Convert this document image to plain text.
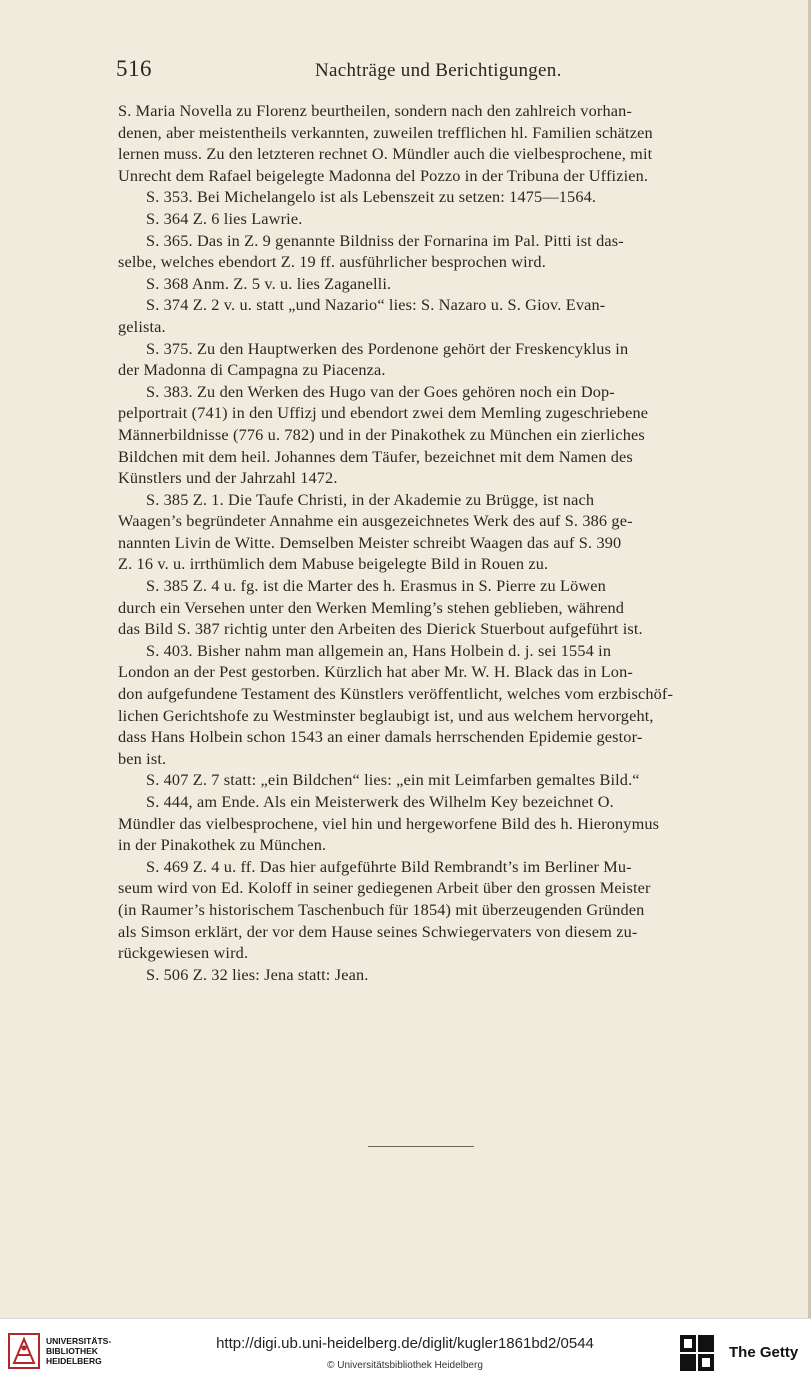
516	Nachträge und Berichtigungen.
S. Maria Novella zu Florenz beurtheilen, sondern nach den zahlreich vorhan-
denen, aber meistentheils verkannten, zuweilen trefflichen hl. Familien schätzen
lernen muss. Zu den letzteren rechnet O. Mündler auch die vielbesprochene, mit
Unrecht dem Rafael beigelegte Madonna del Pozzo in der Tribuna der Uffizien.
S. 353. Bei Michelangelo ist als Lebenszeit zu setzen: 1475—1564.
S. 364 Z. 6 lies Lawrie.
S. 365. Das in Z. 9 genannte Bildniss der Fornarina im Pal. Pitti ist das-
selbe, welches ebendort Z. 19 ff. ausführlicher besprochen wird.
S. 368 Anm. Z. 5 v. u. lies Zaganelli.
S. 374 Z. 2 v. u. statt „und Nazario“ lies: S. Nazaro u. S. Giov. Evan-
gelista.
S. 375. Zu den Hauptwerken des Pordenone gehört der Freskencyklus in
der Madonna di Campagna zu Piacenza.
S. 383. Zu den Werken des Hugo van der Goes gehören noch ein Dop-
pelportrait (741) in den Uffizj und ebendort zwei dem Memling zugeschriebene
Männerbildnisse (776 u. 782) und in der Pinakothek zu München ein zierliches
Bildchen mit dem heil. Johannes dem Täufer, bezeichnet mit dem Namen des
Künstlers und der Jahrzahl 1472.
S. 385 Z. 1. Die Taufe Christi, in der Akademie zu Brügge, ist nach
Waagen’s begründeter Annahme ein ausgezeichnetes Werk des auf S. 386 ge-
nannten Livin de Witte. Demselben Meister schreibt Waagen das auf S. 390
Z. 16 v. u. irrthümlich dem Mabuse beigelegte Bild in Rouen zu.
S. 385 Z. 4 u. fg. ist die Marter des h. Erasmus in S. Pierre zu Löwen
durch ein Versehen unter den Werken Memling’s stehen geblieben, während
das Bild S. 387 richtig unter den Arbeiten des Dierick Stuerbout aufgeführt ist.
S. 403. Bisher nahm man allgemein an, Hans Holbein d. j. sei 1554 in
London an der Pest gestorben. Kürzlich hat aber Mr. W. H. Black das in Lon-
don aufgefundene Testament des Künstlers veröffentlicht, welches vom erzbischöf-
lichen Gerichtshofe zu Westminster beglaubigt ist, und aus welchem hervorgeht,
dass Hans Holbein schon 1543 an einer damals herrschenden Epidemie gestor-
ben ist.
S. 407 Z. 7 statt: „ein Bildchen“ lies: „ein mit Leimfarben gemaltes Bild.“
S. 444, am Ende. Als ein Meisterwerk des Wilhelm Key bezeichnet O.
Mündler das vielbesprochene, viel hin und hergeworfene Bild des h. Hieronymus
in der Pinakothek zu München.
S. 469 Z. 4 u. ff. Das hier aufgeführte Bild Rembrandt’s im Berliner Mu-
seum wird von Ed. Koloff in seiner gediegenen Arbeit über den grossen Meister
(in Raumer’s historischem Taschenbuch für 1854) mit überzeugenden Gründen
als Simson erklärt, der vor dem Hause seines Schwiegervaters von diesem zu-
rückgewiesen wird.
S. 506 Z. 32 lies: Jena statt: Jean.
UNIVERSITÄTS-
BIBLIOTHEK
HEIDELBERG
http://digi.ub.uni-heidelberg.de/diglit/kugler1861bd2/0544
© Universitätsbibliothek Heidelberg
The Getty
